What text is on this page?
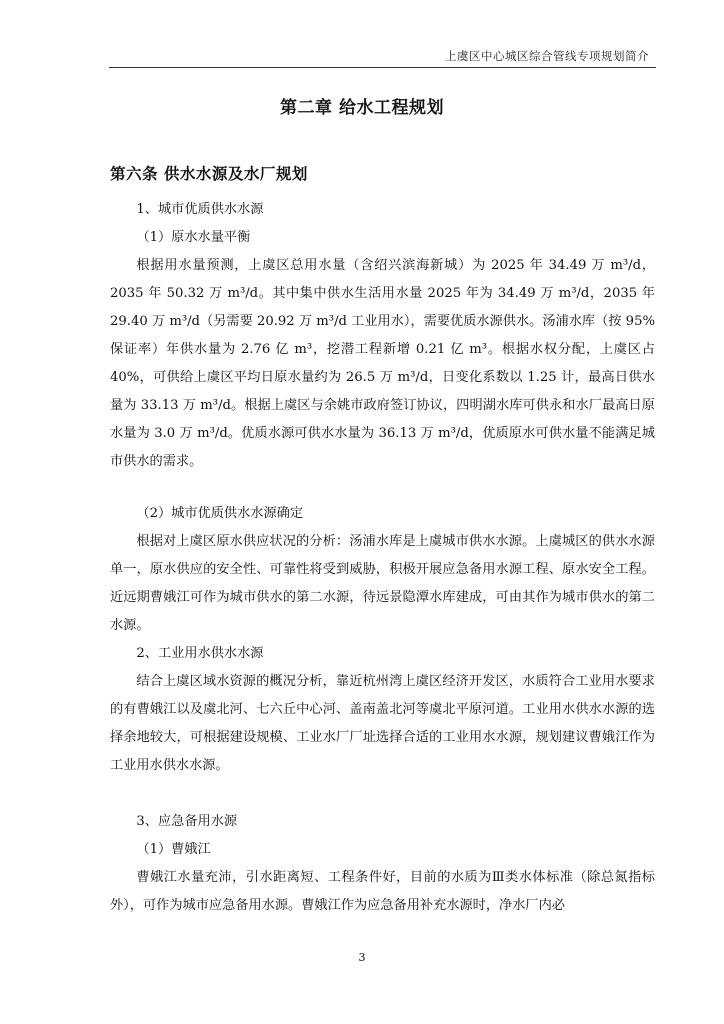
上虞区中心城区综合管线专项规划简介
第二章 给水工程规划
第六条 供水水源及水厂规划
1、城市优质供水水源
（1）原水水量平衡

根据用水量预测，上虞区总用水量（含绍兴滨海新城）为 2025 年 34.49 万 m³/d，2035 年 50.32 万 m³/d。其中集中供水生活用水量 2025 年为 34.49 万 m³/d，2035 年 29.40 万 m³/d（另需要 20.92 万 m³/d 工业用水），需要优质水源供水。汤浦水库（按 95%保证率）年供水量为 2.76 亿 m³，挖潜工程新增 0.21 亿 m³。根据水权分配，上虞区占 40%，可供给上虞区平均日原水量约为 26.5 万 m³/d，日变化系数以 1.25 计，最高日供水量为 33.13 万 m³/d。根据上虞区与余姚市政府签订协议，四明湖水库可供永和水厂最高日原水量为 3.0 万 m³/d。优质水源可供水水量为 36.13 万 m³/d，优质原水可供水量不能满足城市供水的需求。

（2）城市优质供水水源确定

根据对上虞区原水供应状况的分析：汤浦水库是上虞城市供水水源。上虞城区的供水水源单一，原水供应的安全性、可靠性将受到威胁，积极开展应急备用水源工程、原水安全工程。近远期曹娥江可作为城市供水的第二水源，待远景隐潭水库建成，可由其作为城市供水的第二水源。

2、工业用水供水水源

结合上虞区域水资源的概况分析，靠近杭州湾上虞区经济开发区，水质符合工业用水要求的有曹娥江以及虞北河、七六丘中心河、盖南盖北河等虞北平原河道。工业用水供水水源的选择余地较大，可根据建设规模、工业水厂厂址选择合适的工业用水水源，规划建议曹娥江作为工业用水供水水源。

3、应急备用水源
（1）曹娥江

曹娥江水量充沛，引水距离短、工程条件好，目前的水质为Ⅲ类水体标准（除总氮指标外），可作为城市应急备用水源。曹娥江作为应急备用补充水源时，净水厂内必

3
